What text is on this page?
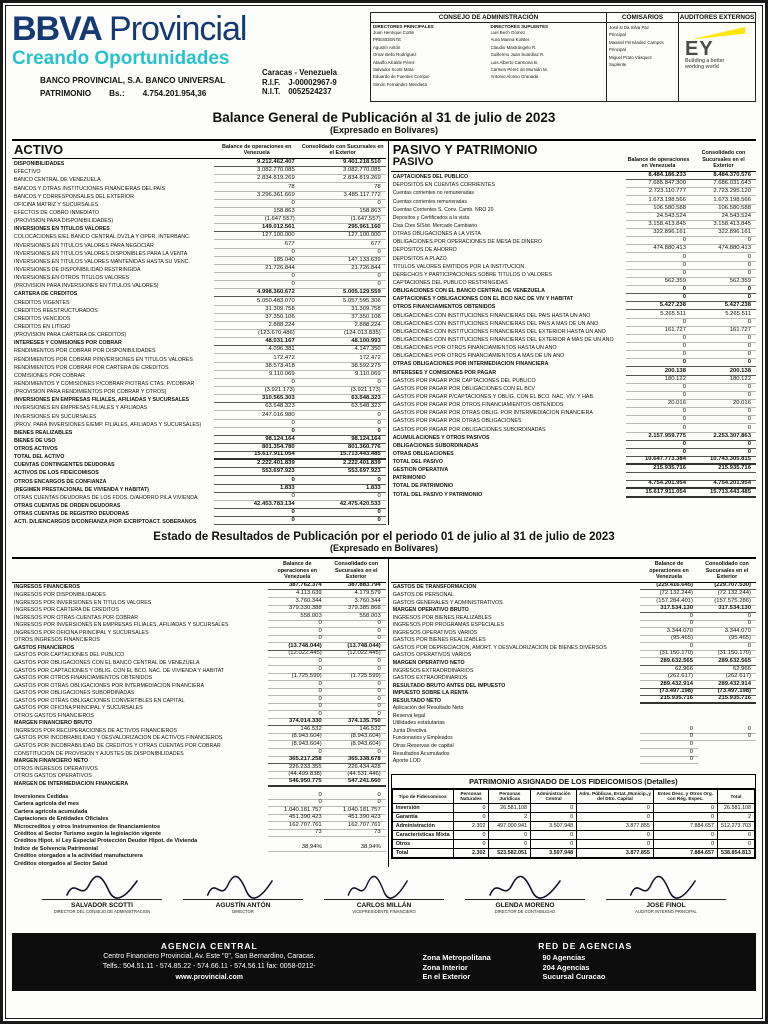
BBVA Provincial
Creando Oportunidades
BANCO PROVINCIAL, S.A. BANCO UNIVERSAL
PATRIMONIO Bs.: 4.754.201.954,36
Caracas - Venezuela
R.I.F. J-00002967-9
N.I.T. 0052524237
CONSEJO DE ADMINISTRACIÓN
DIRECTORES PRINCIPALES
Juan Henrique Cottin
PRESIDENTE
Agustín Antón
Omar Bello Rodríguez
Ataulfo Alcalde Pérez
Salvador Scotti Mata
Eduardo de Fuentes Corripio
Simón Fernández Mendieta
DIRECTORES SUPLENTES
Luis Bech Gómez
Aura Marina Kolster
Claudio Mastrángelo R.
Guillermo Juan Suardíaz R.
Luis Alberto Carmona B.
Carmen Pérez de Mursián M.
Antonio Alonso Granada
COMISARIOS
José N Da Silva Paz
Principal
Massiel Fernández Campos
Principal
Miguel Prato Vásquez
Suplente
AUDITORES EXTERNOS
EY
Building a better
working world
Balance General de Publicación al 31 de julio de 2023
(Expresado en Bolívares)
ACTIVO	Balance de operaciones en Venezuela
Consolidado con Sucursales en el Exterior
DISPONIBILIDADES	9.212.462.407	9.401.218.510
EFECTIVO	3.082.770.085	3.082.770.085
BANCO CENTRAL DE VENEZUELA	2.834.819.269	2.834.819.269
BANCOS Y OTRAS INSTITUCIONES FINANCIERAS DEL PAIS	78	78
BANCOS Y CORRESPONSALES DEL EXTERIOR	3.296.361.669	3.485.117.772
OFICINA MATRIZ Y SUCURSALES	0	0
EFECTOS DE COBRO INMEDIATO	158.863	158.863
(PROVISION PARA DISPONIBILIDADES)	(1.647.557)	(1.647.557)
INVERSIONES EN TITULOS VALORES	149.012.561	295.961.160
COLOCACIONES E/EL BANCO CENTRAL DVZLA Y OPER. INTERBANC.	127.100.000	127.100.000
INVERSIONES EN TITULOS VALORES PARA NEGOCIAR	677	677
INVERSIONES EN TITULOS VALORES DISPONIBLES PARA LA VENTA	0	0
INVERSIONES EN TITULOS VALORES MANTENIDAS HASTA SU VENC.	185.040	147.133.639
INVERSIONES DE DISPONIBILIDAD RESTRINGIDA	21.726.844	21.726.844
INVERSIONES EN OTROS TITULOS VALORES	0	0
(PROVISION PARA INVERSIONES EN TITULOS VALORES)	0	0
CARTERA DE CREDITOS	4.998.360.672	5.005.129.559
CREDITOS VIGENTES	5.050.483.070	5.057.595.306
CREDITOS REESTRUCTURADOS	31.309.758	31.309.758
CREDITOS VENCIDOS	37.350.106	37.350.106
CREDITOS EN LITIGIO	2.888.224	2.888.224
(PROVISION PARA CARTERA DE CREDITOS)	(123.670.486)	(124.013.835)
INTERESES Y COMISIONES POR COBRAR	48.031.167	48.100.993
RENDIMIENTOS POR COBRAR POR DISPONIBILIDADES	4.096.381	4.147.350
RENDIMIENTOS POR COBRAR P/INVERSIONES EN TITULOS VALORES	172.472	172.472
RENDIMIENTOS POR COBRAR POR CARTERA DE CRÉDITOS	38.573.418	38.592.275
COMISIONES POR COBRAR	9.110.069	9.110.069
RENDIMIENTOS Y COMISIONES P/COBRAR P/OTRAS CTAS. P/COBRAR	0	0
(PROVISION PARA RENDIMIENTOS POR COBRAR Y OTROS)	(3.921.173)	(3.921.173)
INVERSIONES EN EMPRESAS FILIALES, AFILIADAS Y SUCURSALES	310.565.303	63.548.323
INVERSIONES EN EMPRESAS FILIALES Y AFILIADAS	63.548.323	63.548.323
INVERSIONES EN SUCURSALES	247.016.980	0
(PROV. PARA INVERSIONES E/EMP. FILIALES, AFILIADAS Y SUCURSALES)	0	0
BIENES REALIZABLES	0	0
BIENES DE USO	98.124.164	98.124.164
OTROS ACTIVOS	801.354.780	801.360.776
TOTAL DEL ACTIVO	15.617.911.054	15.713.443.485
CUENTAS CONTINGENTES DEUDORAS	2.222.401.839	2.222.401.839
ACTIVOS DE LOS FIDEICOMISOS	553.697.923	553.697.923
OTROS ENCARGOS DE CONFIANZA	0	0
(REGIMEN PRESTACIONAL DE VIVIENDA Y HÁBITAT)	1.833	1.833
OTRAS CUENTAS DEUDORAS DE LOS FDOS. D/AHORRO P/LA VIVIENDA	0	0
OTRAS CUENTAS DE ORDEN DEUDORAS	42.453.783.134	42.475.420.533
OTRAS CUENTAS DE REGISTRO DEUDORAS	0	0
ACTI. D/L/ENCARGOS D/CONFIANZA P/OP. E/CRIPTOACT. SOBERANOS	0	0
PASIVO Y PATRIMONIO
PASIVO	Balance de operaciones en Venezuela
Consolidado con Sucursales en el Exterior
CAPTACIONES DEL PUBLICO	8.484.186.233	8.484.370.576
DEPOSITOS EN CUENTAS CORRIENTES	7.685.847.300	7.686.031.643
Cuentas corrientes no remuneradas	2.723.110.777	2.723.295.120
Cuentas corrientes remuneradas	1.673.198.566	1.673.198.566
Cuentas Corrientes S. Conv. Camb. NRO 20	106.580.588	106.580.588
Depositos y Certificados a la vista	24.543.524	24.543.524
Ctas.Ctes S/Sist. Mercado Cambiario	3.158.413.845	3.158.413.845
OTRAS OBLIGACIONES A LA VISTA	322.896.161	322.896.161
OBLIGACIONES POR OPERACIONES DE MESA DE DINERO	0	0
DEPOSITOS DE AHORRO	474.880.413	474.880.413
DEPOSITOS A PLAZO	0	0
TITULOS VALORES EMITIDOS POR LA INSTITUCIÓN	0	0
DERECHOS Y PARTICIPACIONES SOBRE TITULOS O VALORES	0	0
CAPTACIONES DEL PUBLICO RESTRINGIDAS	562.359	562.359
OBLIGACIONES CON EL BANCO CENTRAL DE VENEZUELA	0	0
CAPTACIONES Y OBLIGACIONES CON EL BCO NAC DE VIV Y HÁBITAT	0	0
OTROS FINANCIAMIENTOS OBTENIDOS	5.427.238	5.427.238
OBLIGACIONES CON INSTITUCIONES FINANCIERAS DEL PAIS HASTA UN AÑO	5.265.511	5.265.511
OBLIGACIONES CON INSTITUCIONES FINANCIERAS DEL PAIS A MAS DE UN AÑO	0	0
OBLIGACIONES CON INSTITUCIONES FINANCIERAS DEL EXTERIOR HASTA UN AÑO	161.727	161.727
OBLIGACIONES CON INSTITUCIONES FINANCIERAS DEL EXTERIOR A MAS DE UN AÑO	0	0
OBLIGACIONES POR OTROS FINANCIAMIENTOS HASTA UN AÑO	0	0
OBLIGACIONES POR OTROS FINANCIAMIENTOS A MAS DE UN AÑO	0	0
OTRAS OBLIGACIONES POR INTERMEDIACION FINANCIERA	0	0
INTERESES Y COMISIONES POR PAGAR	200.138	200.138
GASTOS POR PAGAR POR CAPTACIONES DEL PUBLICO	180.122	180.122
GASTOS POR PAGAR POR OBLIGACIONES CON EL BCV	0	0
GASTOS POR PAGAR P/CAPTACIONES Y OBLIG. CON EL BCO. NAC. VIV. Y HAB.	0	0
GASTOS POR PAGAR POR OTROS FINANCIAMIENTOS OBTENIDOS	20.016	20.016
GASTOS POR PAGAR POR OTRAS OBLIG. POR INTERMEDIACION FINANCIERA	0	0
GASTOS POR PAGAR POR OTRAS OBLIGACIONES	0	0
GASTOS POR PAGAR POR OBLIGACIONES SUBORDINADAS	0	0
ACUMULACIONES Y OTROS PASIVOS	2.157.959.775	2.253.307.863
OBLIGACIONES SUBORDINADAS	0	0
OTRAS OBLIGACIONES	0	0
TOTAL DEL PASIVO	10.647.773.384	10.743.305.815
GESTIÓN OPERATIVA	215.935.716	215.935.716
PATRIMONIO
TOTAL DE PATRIMONIO	4.754.201.954	4.754.201.954
TOTAL DEL PASIVO Y PATRIMONIO	15.617.911.054	15.713.443.485
Estado de Resultados de Publicación por el periodo 01 de julio al 31 de julio de 2023
(Expresado en Bolívares)
Balance de operaciones en Venezuela
Consolidado con Sucursales en el Exterior
INGRESOS FINANCIEROS	387.762.374	387.883.794
INGRESOS POR DISPONIBILIDADES	4.113.639	4.179.579
INGRESOS POR INVERSIONES EN TITULOS VALORES	3.760.344	3.760.344
INGRESOS POR CARTERA DE CREDITOS	379.330.388	379.385.868
INGRESOS POR OTRAS CUENTAS POR COBRAR	558.003	558.003
INGRESOS POR INVERSIONES EN EMPRESAS FILIALES, AFILIADAS Y SUCURSALES	0	0
INGRESOS POR OFICINA PRINCIPAL Y SUCURSALES	0	0
OTROS INGRESOS FINANCIEROS	0	0
GASTOS FINANCIEROS	(13.748.044)	(13.748.044)
GASTOS POR CAPTACIONES DEL PUBLICO	(12.022.445)	(12.022.445)
GASTOS POR OBLIGACIONES CON EL BANCO CENTRAL DE VENEZUELA	0	0
GASTOS POR CAPTACIONES Y OBLIG. CON EL BCO. NAC. DE VIVIENDA Y HABITAT	0	0
GASTOS POR OTROS FINANCIAMIENTOS OBTENIDOS	(1.725.599)	(1.725.599)
GASTOS POR OTRAS OBLIGACIONES POR INTERMEDIACION FINANCIERA	0	0
GASTOS POR OBLIGACIONES SUBORDINADAS	0	0
GASTOS POR OTRAS OBLIGACIONES CONVERTIBLES EN CAPITAL	0	0
GASTOS POR OFICINA PRINCIPAL Y SUCURSALES	0	0
OTROS GASTOS FINANCIEROS	0	0
MARGEN FINANCIERO BRUTO	374.014.330	374.135.750
INGRESOS POR RECUPERACIONES DE ACTIVOS FINANCIEROS	146.532	146.532
GASTOS POR INCOBRABILIDAD Y DESVALORIZACION DE ACTIVOS FINANCIEROS	(8.943.604)	(8.943.604)
GASTOS POR INCOBRABILIDAD DE CREDITOS Y OTRAS CUENTAS POR COBRAR	(8.943.604)	(8.943.604)
CONSTITUCIÓN DE PROVISIÓN Y AJUSTES DE DISPONIBILIDADES	0	0
MARGEN FINANCIERO NETO	365.217.258	365.338.678
OTROS INGRESOS OPERATIVOS	226.233.355	226.434.428
OTROS GASTOS OPERATIVOS	(44.499.838)	(44.531.446)
MARGEN DE INTERMEDIACION FINANCIERA	546.950.775	547.241.660
Inversiones Cedidas	0	0
Cartera agricola del mes	0	0
Cartera agricola acumulada	1.040.181.757	1.040.181.757
Captaciones de Entidades Oficiales	451.390.423	451.390.423
Microcreditos y otros Instrumentos de financiamientos	162.707.761	162.707.761
Créditos al Sector Turismo según la legislación vigente	73	73
Créditos Hipot. s/ Ley Especial Protección Deudor Hipot. de Vivienda
Índice de Solvencia Patrimonial	38,94%	38,94%
Créditos otorgados a la actividad manufacturera
Créditos otorgados al Sector Salud
Balance de operaciones en Venezuela
Consolidado con Sucursales en el Exterior
GASTOS DE TRANSFORMACION	(229.416.645)	(229.707.530)
GASTOS DE PERSONAL	(72.132.244)	(72.132.244)
GASTOS GENERALES Y ADMINISTRATIVOS	(157.284.401)	(157.575.286)
MARGEN OPERATIVO BRUTO	317.534.130	317.534.130
INGRESOS POR BIENES REALIZABLES	0	0
INGRESOS POR PROGRAMAS ESPECIALES	0	0
INGRESOS OPERATIVOS VARIOS	3.344.070	3.344.070
GASTOS POR BIENES REALIZABLES	(95.465)	(95.465)
GASTOS POR DEPRECIACION, AMORT. Y DESVALORIZACION DE BIENES DIVERSOS	0	0
GASTOS OPERATIVOS VARIOS	(31.150.170)	(31.150.170)
MARGEN OPERATIVO NETO	289.632.565	289.632.565
INGRESOS EXTRAORDINARIOS	62.966	62.966
GASTOS EXTRAORDINARIOS	(262.617)	(262.617)
RESULTADO BRUTO ANTES DEL IMPUESTO	289.432.914	289.432.914
IMPUESTO SOBRE LA RENTA	(73.497.198)	(73.497.198)
RESULTADO NETO	215.935.716	215.935.716
Aplicación del Resultado Neto
Reserva legal
Utilidades estatutarias
Junta Directiva	0	0
Funcionarios y Empleados	0	0
Otras Reservas de capital	0
Resultados Acumulados	0
Aporte LOD	0
PATRIMONIO ASIGNADO DE LOS FIDEICOMISOS (Detalles)
Tipo de Fideicomisos	Personas Naturales	Personas Jurídicas	Administración Central	Adm. Públicas, Estat.,Municip.,y del Dtto. Capital	Entes Desc. y Otros Org. con Rég. Espec.	Total
Inversión	0	26.581.108	0	0	0	26.581.108
Garantía	0	2	0	0	0	2
Administración	2.302	497.000.941	3.507.948	3.877.855	7.884.657	512.273.703
Características Mixta	0	0	0	0	0	0
Otros	0	0	0	0	0	0
Total	2.302	523.582.051	3.507.948	3.877.855	7.884.657	538.854.813
SALVADOR SCOTTI
DIRECTOR DEL CONSEJO DE ADMINISTRACION
AGUSTÍN ANTÓN
DIRECTOR
CARLOS MILLÁN
VICEPRESIDENTE FINANCIERO
GLENDA MORENO
DIRECTOR DE CONTABILIDAD
JOSE FINOL
AUDITOR INTERNO PRINCIPAL
AGENCIA CENTRAL
Centro Financiero Provincial, Av. Este "0", San Bernardino, Caracas.
Telfs.: 504.51.11 - 574.85.22 - 574.66.11 - 574.56.11 fax: 0058-0212-
www.provincial.com
RED DE AGENCIAS
Zona Metropolitana	90 Agencias
Zona Interior	204 Agencias
En el Exterior	Sucursal Curacao
